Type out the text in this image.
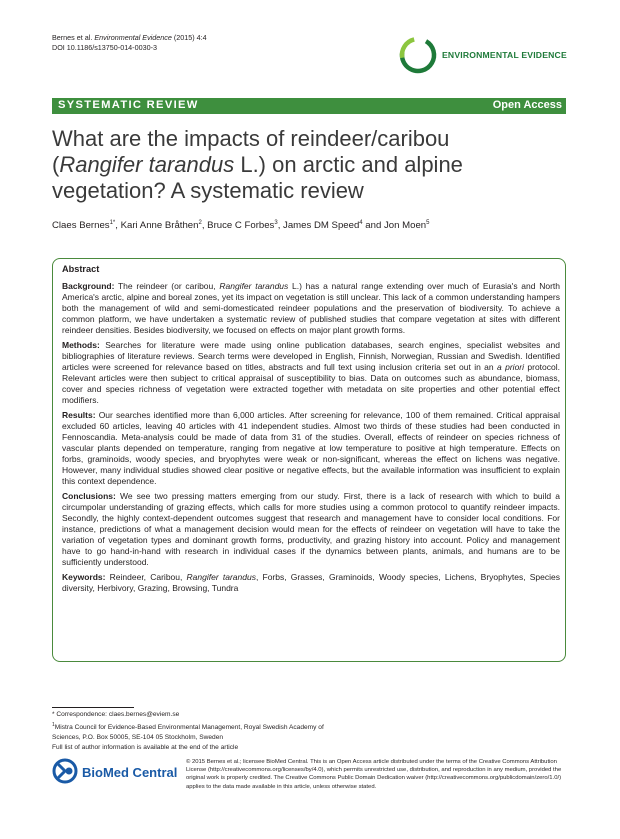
Bernes et al. Environmental Evidence (2015) 4:4
DOI 10.1186/s13750-014-0030-3
ENVIRONMENTAL EVIDENCE
SYSTEMATIC REVIEW	Open Access
What are the impacts of reindeer/caribou
(Rangifer tarandus L.) on arctic and alpine
vegetation? A systematic review
Claes Bernes$^{1*}$, Kari Anne Bråthen$^2$, Bruce C Forbes$^3$, James DM Speed$^4$ and Jon Moen$^5$
Abstract

Background: The reindeer (or caribou, Rangifer tarandus L.) has a natural range extending over much of Eurasia's and North America's arctic, alpine and boreal zones, yet its impact on vegetation is still unclear. This lack of a common understanding hampers both the management of wild and semi-domesticated reindeer populations and the preservation of biodiversity. To achieve a common platform, we have undertaken a systematic review of published studies that compare vegetation at sites with different reindeer densities. Besides biodiversity, we focused on effects on major plant growth forms.

Methods: Searches for literature were made using online publication databases, search engines, specialist websites and bibliographies of literature reviews. Search terms were developed in English, Finnish, Norwegian, Russian and Swedish. Identified articles were screened for relevance based on titles, abstracts and full text using inclusion criteria set out in an a priori protocol. Relevant articles were then subject to critical appraisal of susceptibility to bias. Data on outcomes such as abundance, biomass, cover and species richness of vegetation were extracted together with metadata on site properties and other potential effect modifiers.

Results: Our searches identified more than 6,000 articles. After screening for relevance, 100 of them remained. Critical appraisal excluded 60 articles, leaving 40 articles with 41 independent studies. Almost two thirds of these studies had been conducted in Fennoscandia. Meta-analysis could be made of data from 31 of the studies. Overall, effects of reindeer on species richness of vascular plants depended on temperature, ranging from negative at low temperature to positive at high temperature. Effects on forbs, graminoids, woody species, and bryophytes were weak or non-significant, whereas the effect on lichens was negative. However, many individual studies showed clear positive or negative effects, but the available information was insufficient to explain this context dependence.

Conclusions: We see two pressing matters emerging from our study. First, there is a lack of research with which to build a circumpolar understanding of grazing effects, which calls for more studies using a common protocol to quantify reindeer impacts. Secondly, the highly context-dependent outcomes suggest that research and management have to consider local conditions. For instance, predictions of what a management decision would mean for the effects of reindeer on vegetation will have to take the variation of vegetation types and dominant growth forms, productivity, and grazing history into account. Policy and management have to go hand-in-hand with research in individual cases if the dynamics between plants, animals, and humans are to be sufficiently understood.

Keywords: Reindeer, Caribou, Rangifer tarandus, Forbs, Grasses, Graminoids, Woody species, Lichens, Bryophytes, Species diversity, Herbivory, Grazing, Browsing, Tundra

* Correspondence: claes.bernes@eviem.se
$^1$Mistra Council for Evidence-Based Environmental Management, Royal Swedish Academy of Sciences, P.O. Box 50005, SE-104 05 Stockholm, Sweden
Full list of author information is available at the end of the article
BioMed Central
© 2015 Bernes et al.; licensee BioMed Central. This is an Open Access article distributed under the terms of the Creative Commons Attribution License (http://creativecommons.org/licenses/by/4.0), which permits unrestricted use, distribution, and reproduction in any medium, provided the original work is properly credited. The Creative Commons Public Domain Dedication waiver (http://creativecommons.org/publicdomain/zero/1.0/) applies to the data made available in this article, unless otherwise stated.
